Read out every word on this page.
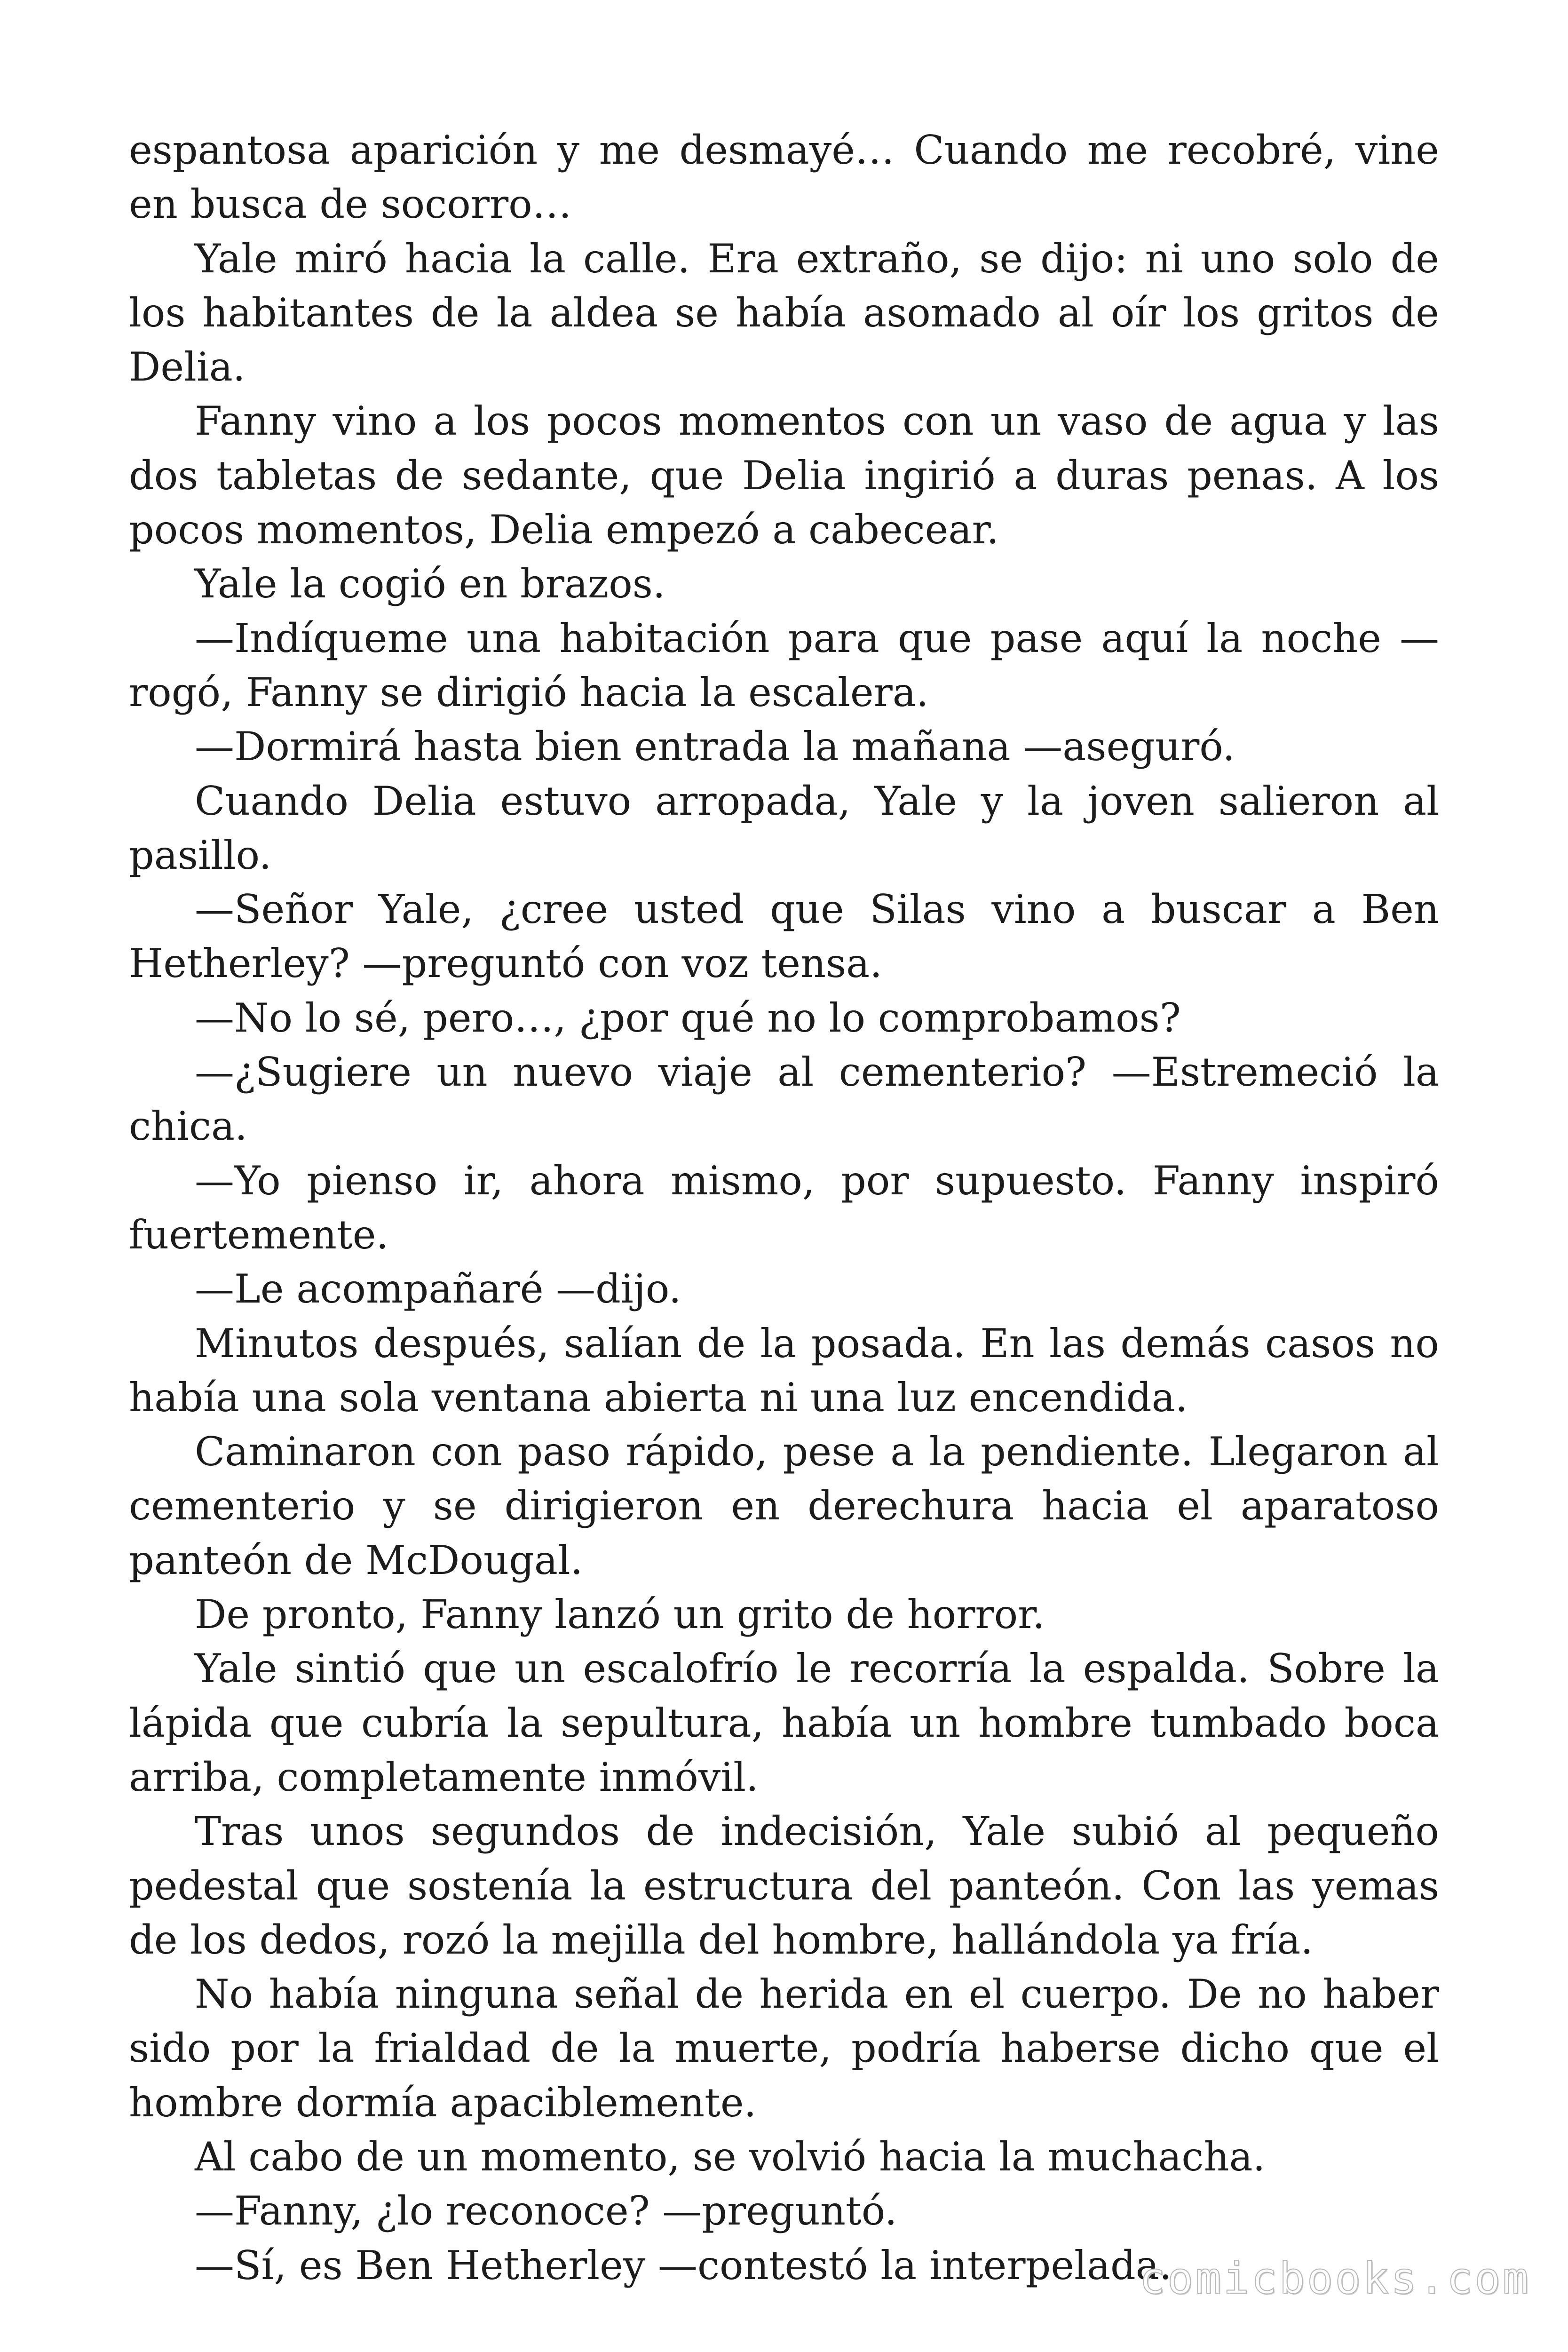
espantosa aparición y me desmayé… Cuando me recobré, vine en busca de socorro…

Yale miró hacia la calle. Era extraño, se dijo: ni uno solo de los habitantes de la aldea se había asomado al oír los gritos de Delia.

Fanny vino a los pocos momentos con un vaso de agua y las dos tabletas de sedante, que Delia ingirió a duras penas. A los pocos momentos, Delia empezó a cabecear.

Yale la cogió en brazos.

—Indíqueme una habitación para que pase aquí la noche —rogó, Fanny se dirigió hacia la escalera.

—Dormirá hasta bien entrada la mañana —aseguró.

Cuando Delia estuvo arropada, Yale y la joven salieron al pasillo.

—Señor Yale, ¿cree usted que Silas vino a buscar a Ben Hetherley? —preguntó con voz tensa.

—No lo sé, pero…, ¿por qué no lo comprobamos?

—¿Sugiere un nuevo viaje al cementerio? —Estremeció la chica.

—Yo pienso ir, ahora mismo, por supuesto. Fanny inspiró fuertemente.

—Le acompañaré —dijo.

Minutos después, salían de la posada. En las demás casos no había una sola ventana abierta ni una luz encendida.

Caminaron con paso rápido, pese a la pendiente. Llegaron al cementerio y se dirigieron en derechura hacia el aparatoso panteón de McDougal.

De pronto, Fanny lanzó un grito de horror.

Yale sintió que un escalofrío le recorría la espalda. Sobre la lápida que cubría la sepultura, había un hombre tumbado boca arriba, completamente inmóvil.

Tras unos segundos de indecisión, Yale subió al pequeño pedestal que sostenía la estructura del panteón. Con las yemas de los dedos, rozó la mejilla del hombre, hallándola ya fría.

No había ninguna señal de herida en el cuerpo. De no haber sido por la frialdad de la muerte, podría haberse dicho que el hombre dormía apaciblemente.

Al cabo de un momento, se volvió hacia la muchacha.

—Fanny, ¿lo reconoce? —preguntó.

—Sí, es Ben Hetherley —contestó la interpelada.

comicbooks.com
